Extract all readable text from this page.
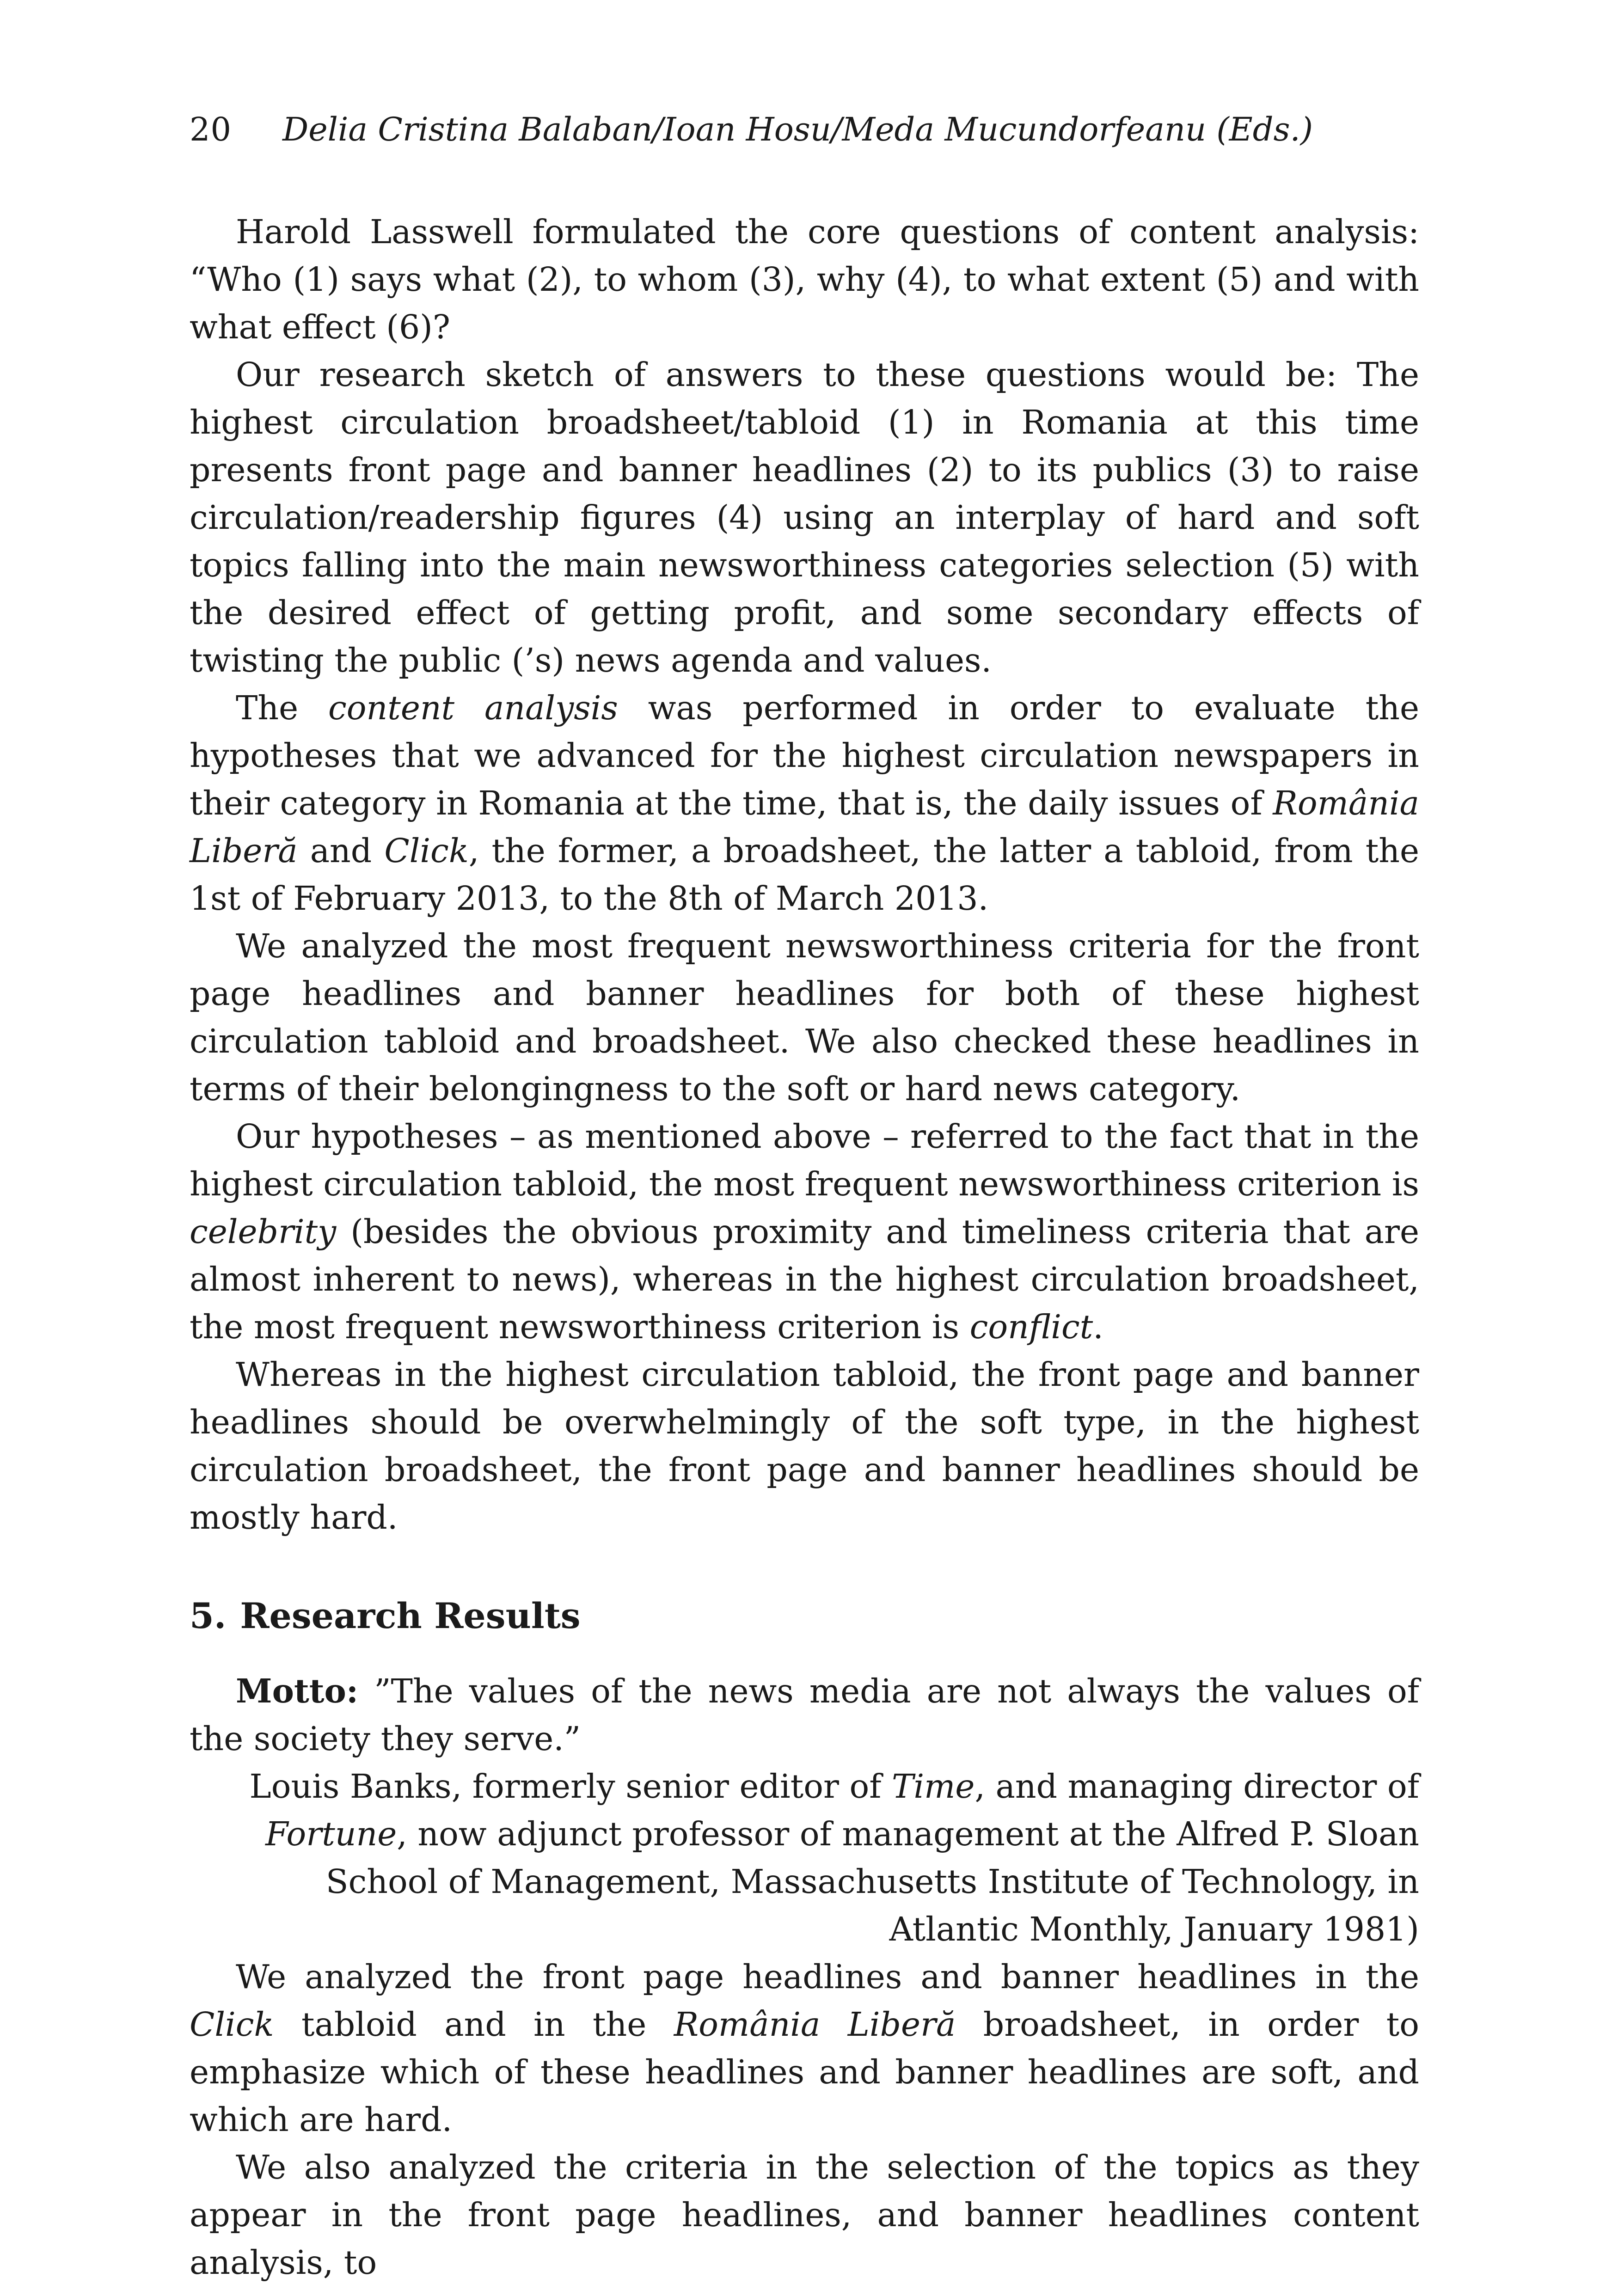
20 Delia Cristina Balaban/Ioan Hosu/Meda Mucundorfeanu (Eds.)

Harold Lasswell formulated the core questions of content analysis: “Who (1) says what (2), to whom (3), why (4), to what extent (5) and with what effect (6)?

Our research sketch of answers to these questions would be: The highest circulation broadsheet/tabloid (1) in Romania at this time presents front page and banner headlines (2) to its publics (3) to raise circulation/readership figures (4) using an interplay of hard and soft topics falling into the main newsworthiness categories selection (5) with the desired effect of getting profit, and some secondary effects of twisting the public (’s) news agenda and values.

The content analysis was performed in order to evaluate the hypotheses that we advanced for the highest circulation newspapers in their category in Romania at the time, that is, the daily issues of România Liberă and Click, the former, a broadsheet, the latter a tabloid, from the 1st of February 2013, to the 8th of March 2013.

We analyzed the most frequent newsworthiness criteria for the front page headlines and banner headlines for both of these highest circulation tabloid and broadsheet. We also checked these headlines in terms of their belongingness to the soft or hard news category.

Our hypotheses – as mentioned above – referred to the fact that in the highest circulation tabloid, the most frequent newsworthiness criterion is celebrity (besides the obvious proximity and timeliness criteria that are almost inherent to news), whereas in the highest circulation broadsheet, the most frequent newsworthiness criterion is conflict.

Whereas in the highest circulation tabloid, the front page and banner headlines should be overwhelmingly of the soft type, in the highest circulation broadsheet, the front page and banner headlines should be mostly hard.

5. Research Results

Motto: ”The values of the news media are not always the values of the society they serve.”

Louis Banks, formerly senior editor of Time, and managing director of Fortune, now adjunct professor of management at the Alfred P. Sloan School of Management, Massachusetts Institute of Technology, in Atlantic Monthly, January 1981)

We analyzed the front page headlines and banner headlines in the Click tabloid and in the România Liberă broadsheet, in order to emphasize which of these headlines and banner headlines are soft, and which are hard.

We also analyzed the criteria in the selection of the topics as they appear in the front page headlines, and banner headlines content analysis, to
